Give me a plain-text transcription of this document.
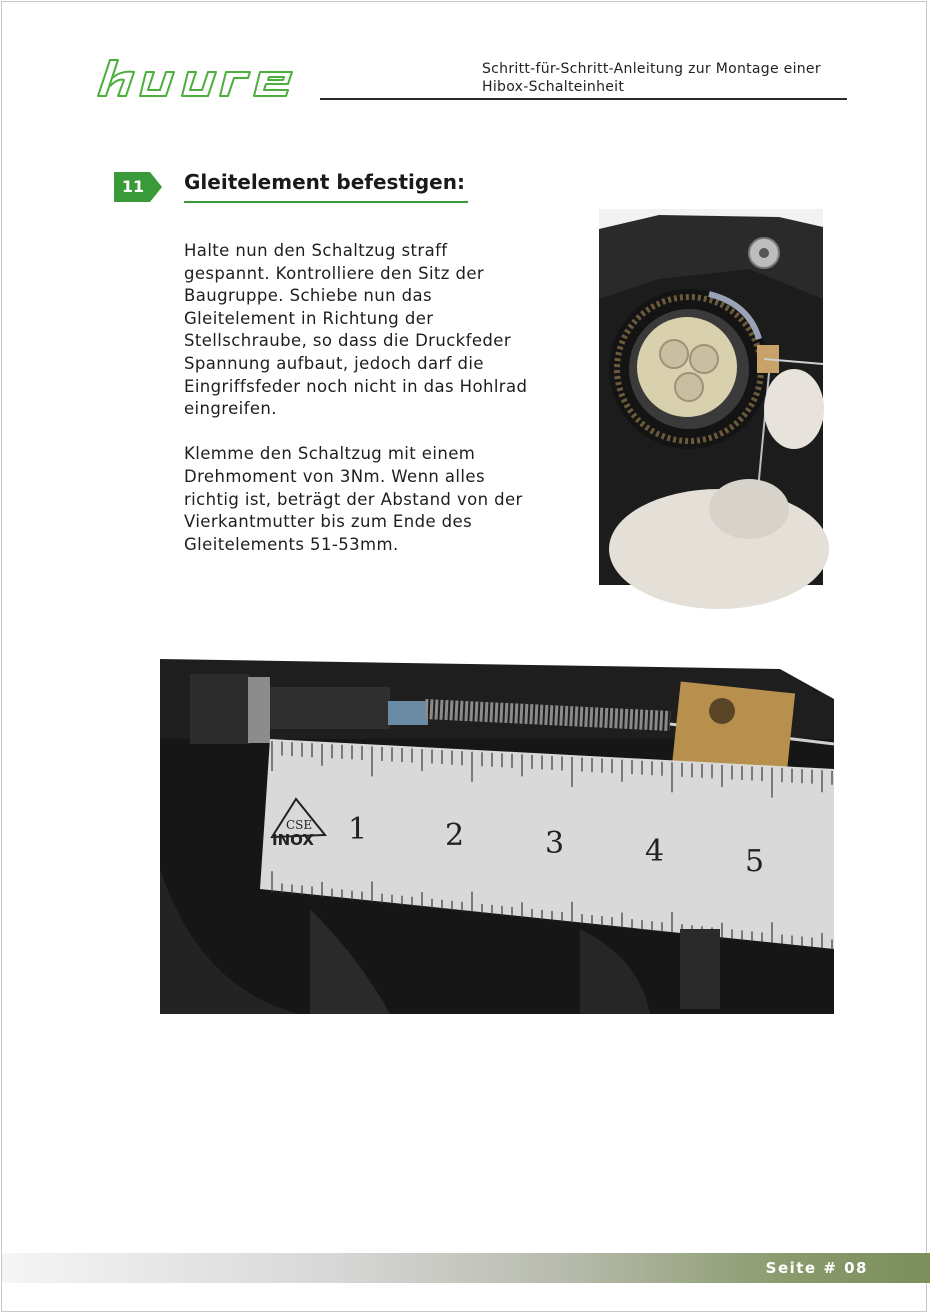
hure
Schritt-für-Schritt-Anleitung zur Montage einer
Hibox-Schalteinheit
11	Gleitelement befestigen:

Halte nun den Schaltzug straff
gespannt. Kontrolliere den Sitz der
Baugruppe. Schiebe nun das
Gleitelement in Richtung der
Stellschraube, so dass die Druckfeder
Spannung aufbaut, jedoch darf die
Eingriffsfeder noch nicht in das Hohlrad
eingreifen.

Klemme den Schaltzug mit einem
Drehmoment von 3Nm. Wenn alles
richtig ist, beträgt der Abstand von der
Vierkantmutter bis zum Ende des
Gleitelements 51-53mm.

CSE
INOX 1	2	3	4	5
Seite # 08
